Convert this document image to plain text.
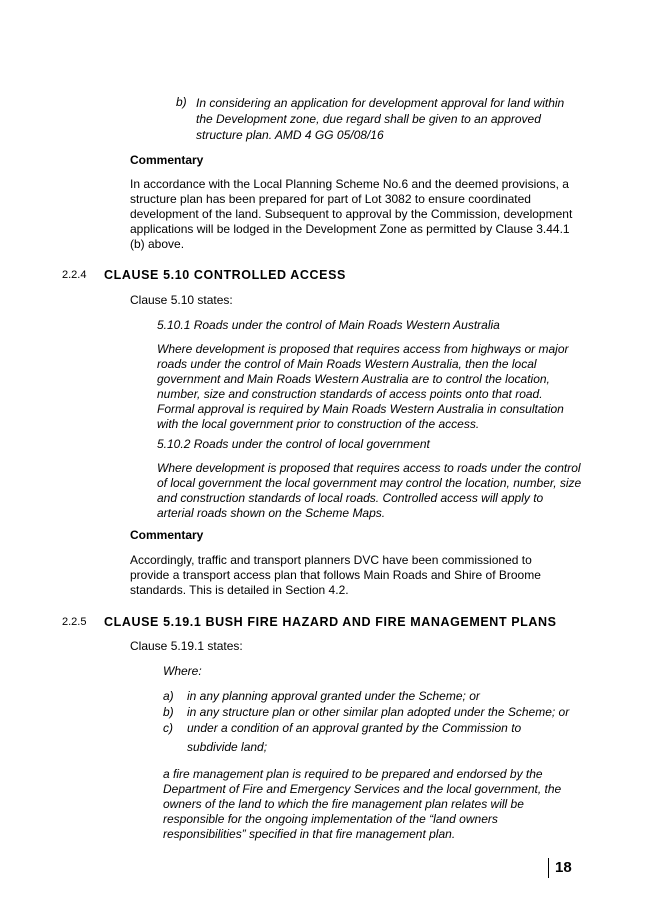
b) In considering an application for development approval for land within the Development zone, due regard shall be given to an approved structure plan. AMD 4 GG 05/08/16

Commentary

In accordance with the Local Planning Scheme No.6 and the deemed provisions, a structure plan has been prepared for part of Lot 3082 to ensure coordinated development of the land. Subsequent to approval by the Commission, development applications will be lodged in the Development Zone as permitted by Clause 3.44.1 (b) above.

2.2.4 CLAUSE 5.10 CONTROLLED ACCESS

Clause 5.10 states:

5.10.1 Roads under the control of Main Roads Western Australia

Where development is proposed that requires access from highways or major roads under the control of Main Roads Western Australia, then the local government and Main Roads Western Australia are to control the location, number, size and construction standards of access points onto that road. Formal approval is required by Main Roads Western Australia in consultation with the local government prior to construction of the access.

5.10.2 Roads under the control of local government

Where development is proposed that requires access to roads under the control of local government the local government may control the location, number, size and construction standards of local roads. Controlled access will apply to arterial roads shown on the Scheme Maps.

Commentary

Accordingly, traffic and transport planners DVC have been commissioned to provide a transport access plan that follows Main Roads and Shire of Broome standards. This is detailed in Section 4.2.

2.2.5 CLAUSE 5.19.1 BUSH FIRE HAZARD AND FIRE MANAGEMENT PLANS

Clause 5.19.1 states:

Where:

a) in any planning approval granted under the Scheme; or

b) in any structure plan or other similar plan adopted under the Scheme; or

c) under a condition of an approval granted by the Commission to

subdivide land;

a fire management plan is required to be prepared and endorsed by the Department of Fire and Emergency Services and the local government, the owners of the land to which the fire management plan relates will be responsible for the ongoing implementation of the “land owners responsibilities” specified in that fire management plan.

18
